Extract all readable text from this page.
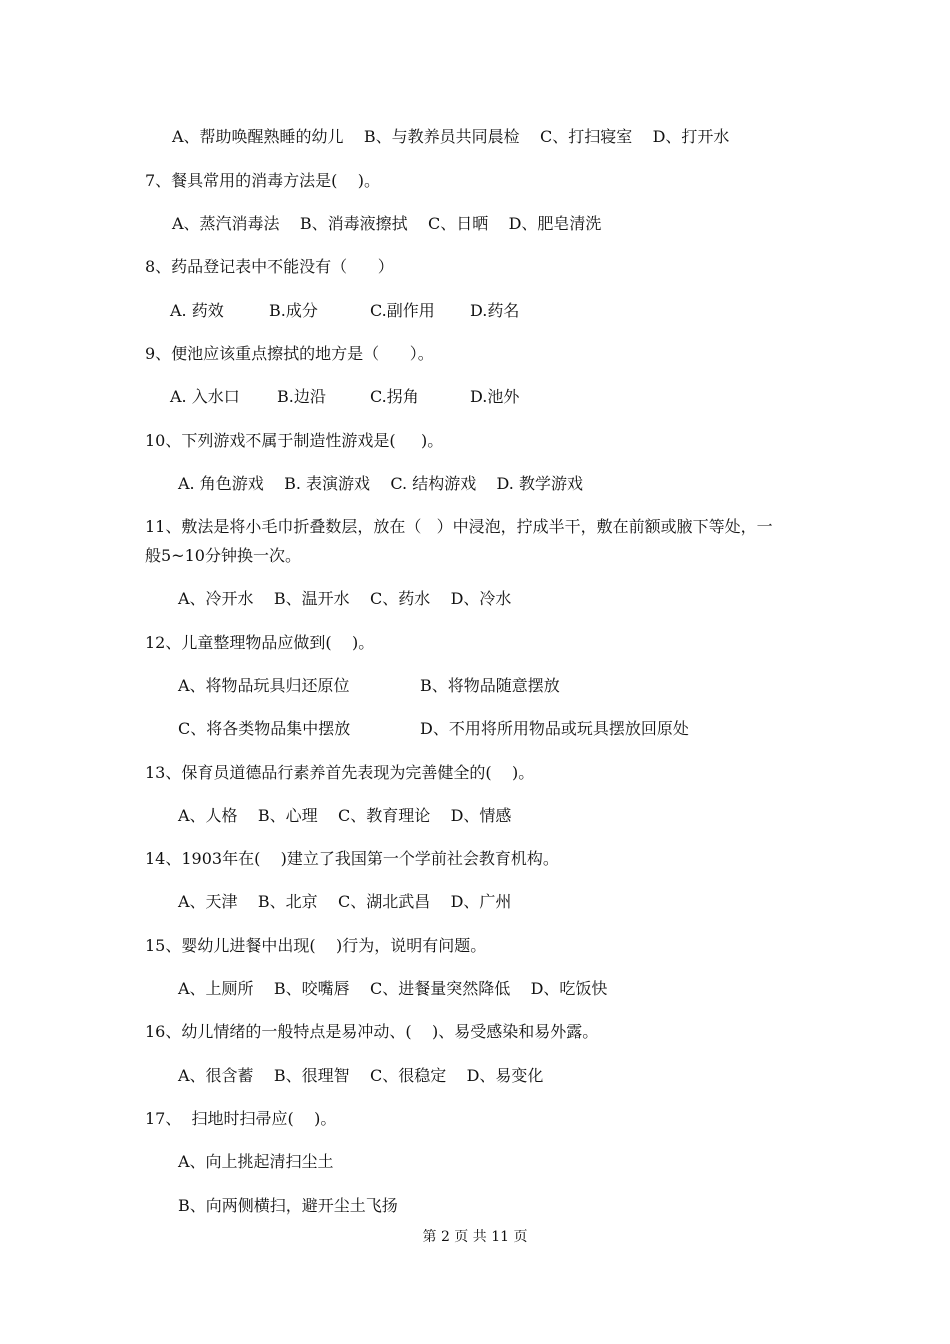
A、帮助唤醒熟睡的幼儿    B、与教养员共同晨检    C、打扫寝室    D、打开水
7、餐具常用的消毒方法是(    )。
A、蒸汽消毒法    B、消毒液擦拭    C、日晒    D、肥皂清洗
8、药品登记表中不能没有（      ）

A. 药效

	B.成分

	C.副作用

D.药名

9、便池应该重点擦拭的地方是（      ）。

A. 入水口

B.边沿

	C.拐角

	D.池外

10、下列游戏不属于制造性游戏是(     )。
A. 角色游戏    B. 表演游戏    C. 结构游戏    D. 教学游戏
11、敷法是将小毛巾折叠数层，放在（   ）中浸泡，拧成半干，敷在前额或腋下等处，一
般5~10分钟换一次。
A、冷开水    B、温开水    C、药水    D、冷水
12、儿童整理物品应做到(    )。

A、将物品玩具归还原位

	B、将物品随意摆放

C、将各类物品集中摆放

	D、不用将所用物品或玩具摆放回原处

13、保育员道德品行素养首先表现为完善健全的(    )。
A、人格    B、心理    C、教育理论    D、情感
14、1903年在(    )建立了我国第一个学前社会教育机构。
A、天津    B、北京    C、湖北武昌    D、广州
15、婴幼儿进餐中出现(    )行为，说明有问题。
A、上厕所    B、咬嘴唇    C、进餐量突然降低    D、吃饭快
16、幼儿情绪的一般特点是易冲动、(    )、易受感染和易外露。
A、很含蓄    B、很理智    C、很稳定    D、易变化
17、  扫地时扫帚应(    )。
A、向上挑起清扫尘土
B、向两侧横扫，避开尘土飞扬
第 2 页 共 11 页
